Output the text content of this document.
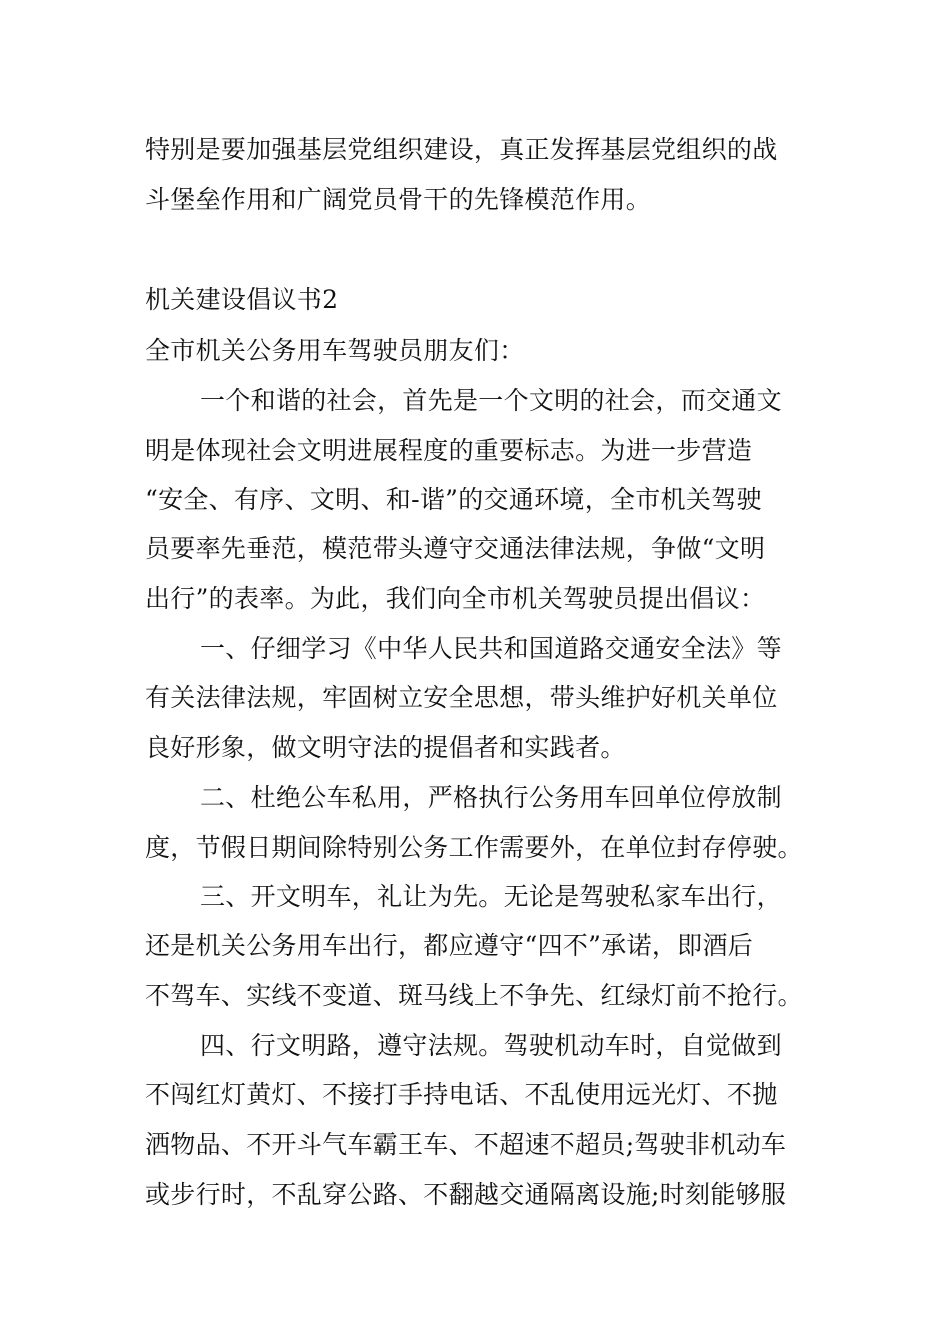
特别是要加强基层党组织建设，真正发挥基层党组织的战
斗堡垒作用和广阔党员骨干的先锋模范作用。
机关建设倡议书2
全市机关公务用车驾驶员朋友们：
一个和谐的社会，首先是一个文明的社会，而交通文
明是体现社会文明进展程度的重要标志。为进一步营造
“安全、有序、文明、和-谐”的交通环境，全市机关驾驶
员要率先垂范，模范带头遵守交通法律法规，争做“文明
出行”的表率。为此，我们向全市机关驾驶员提出倡议：
一、仔细学习《中华人民共和国道路交通安全法》等
有关法律法规，牢固树立安全思想，带头维护好机关单位
良好形象，做文明守法的提倡者和实践者。
二、杜绝公车私用，严格执行公务用车回单位停放制
度，节假日期间除特别公务工作需要外，在单位封存停驶。
三、开文明车，礼让为先。无论是驾驶私家车出行，
还是机关公务用车出行，都应遵守“四不”承诺，即酒后
不驾车、实线不变道、斑马线上不争先、红绿灯前不抢行。
四、行文明路，遵守法规。驾驶机动车时，自觉做到
不闯红灯黄灯、不接打手持电话、不乱使用远光灯、不抛
洒物品、不开斗气车霸王车、不超速不超员;驾驶非机动车
或步行时，不乱穿公路、不翻越交通隔离设施;时刻能够服
